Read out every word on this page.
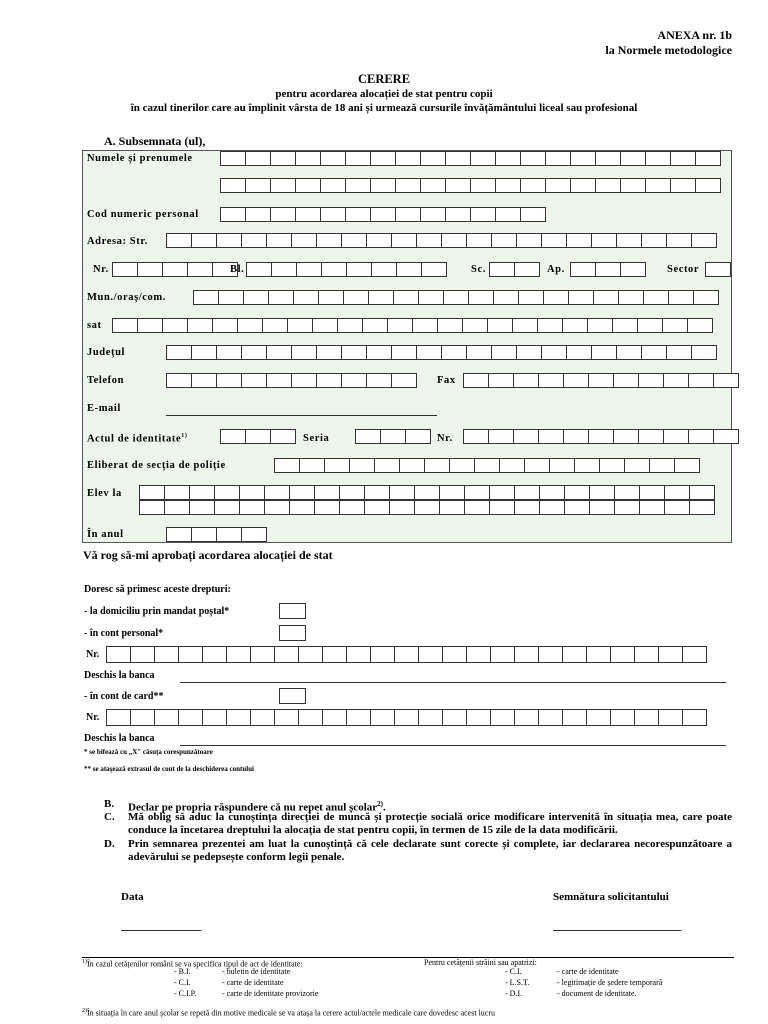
ANEXA nr. 1b
la Normele metodologice
CERERE
pentru acordarea alocației de stat pentru copii
în cazul tinerilor care au împlinit vârsta de 18 ani și urmează cursurile învățământului liceal sau profesional
A. Subsemnata (ul),
Numele și prenumele
Cod numeric personal
Adresa: Str.
Nr.	Bl.	Sc.	Ap.	Sector
Mun./oraș/com.
sat
Județul
Telefon	Fax
E-mail
Actul de identitate$^{1)}$	Seria	Nr.
Eliberat de secția de poliție
Elev la
În anul
Vă rog să-mi aprobați acordarea alocației de stat
Doresc să primesc aceste drepturi:
- la domiciliu prin mandat poștal*
- în cont personal*
Nr.
Deschis la banca
- în cont de card**
Nr.
Deschis la banca
* se bifează cu „X" căsuța corespunzătoare
** se ataşează extrasul de cont de la deschiderea contului
B. Declar pe propria răspundere că nu repet anul școlar$^{2)}$.
C. Mă oblig să aduc la cunoștința direcției de muncă și protecție socială orice modificare intervenită în situația mea, care poate conduce la încetarea dreptului la alocația de stat pentru copii, în termen de 15 zile de la data modificării.
D. Prin semnarea prezentei am luat la cunoștință că cele declarate sunt corecte și complete, iar declararea necorespunzătoare a adevărului se pedepsește conform legii penale.
Data	Semnătura solicitantului
$^{1)}$În cazul cetățenilor români se va specifica tipul de act de identitate:
- B.I.	- buletin de identitate
- C.I.	- carte de identitate
- C.I.P.	- carte de identitate provizorie
Pentru cetățenii străini sau apatrizi:
- C.I.	- carte de identitate
- L.S.T.	- legitimație de ședere temporară
- D.I.	- document de identitate.
$^{2)}$În situația în care anul școlar se repetă din motive medicale se va atașa la cerere actul/actele medicale care dovedesc acest lucru
